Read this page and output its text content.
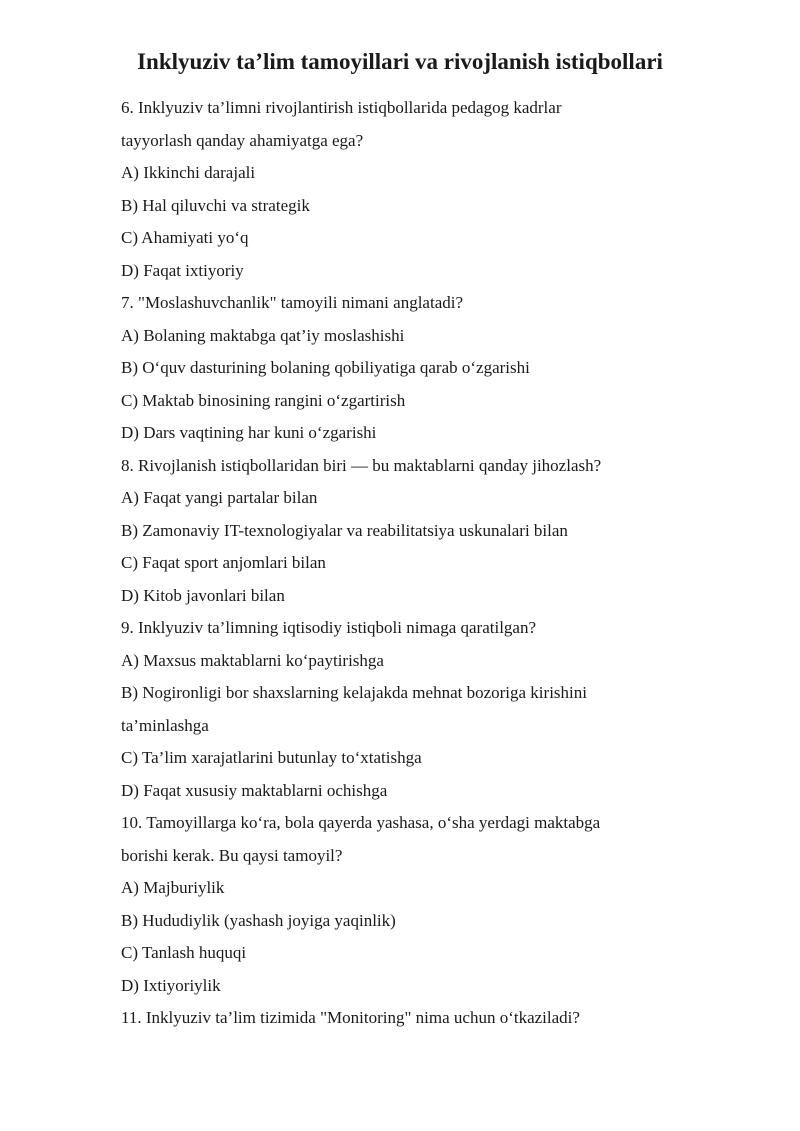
Inklyuziv ta’lim tamoyillari va rivojlanish istiqbollari

6. Inklyuziv ta’limni rivojlantirish istiqbollarida pedagog kadrlar

tayyorlash qanday ahamiyatga ega?

A) Ikkinchi darajali

B) Hal qiluvchi va strategik

C) Ahamiyati yo‘q

D) Faqat ixtiyoriy

7. "Moslashuvchanlik" tamoyili nimani anglatadi?

A) Bolaning maktabga qat’iy moslashishi

B) O‘quv dasturining bolaning qobiliyatiga qarab o‘zgarishi

C) Maktab binosining rangini o‘zgartirish

D) Dars vaqtining har kuni o‘zgarishi

8. Rivojlanish istiqbollaridan biri — bu maktablarni qanday jihozlash?

A) Faqat yangi partalar bilan

B) Zamonaviy IT-texnologiyalar va reabilitatsiya uskunalari bilan

C) Faqat sport anjomlari bilan

D) Kitob javonlari bilan

9. Inklyuziv ta’limning iqtisodiy istiqboli nimaga qaratilgan?

A) Maxsus maktablarni ko‘paytirishga

B) Nogironligi bor shaxslarning kelajakda mehnat bozoriga kirishini

ta’minlashga

C) Ta’lim xarajatlarini butunlay to‘xtatishga

D) Faqat xususiy maktablarni ochishga

10. Tamoyillarga ko‘ra, bola qayerda yashasa, o‘sha yerdagi maktabga

borishi kerak. Bu qaysi tamoyil?

A) Majburiylik

B) Hududiylik (yashash joyiga yaqinlik)

C) Tanlash huquqi

D) Ixtiyoriylik

11. Inklyuziv ta’lim tizimida "Monitoring" nima uchun o‘tkaziladi?
